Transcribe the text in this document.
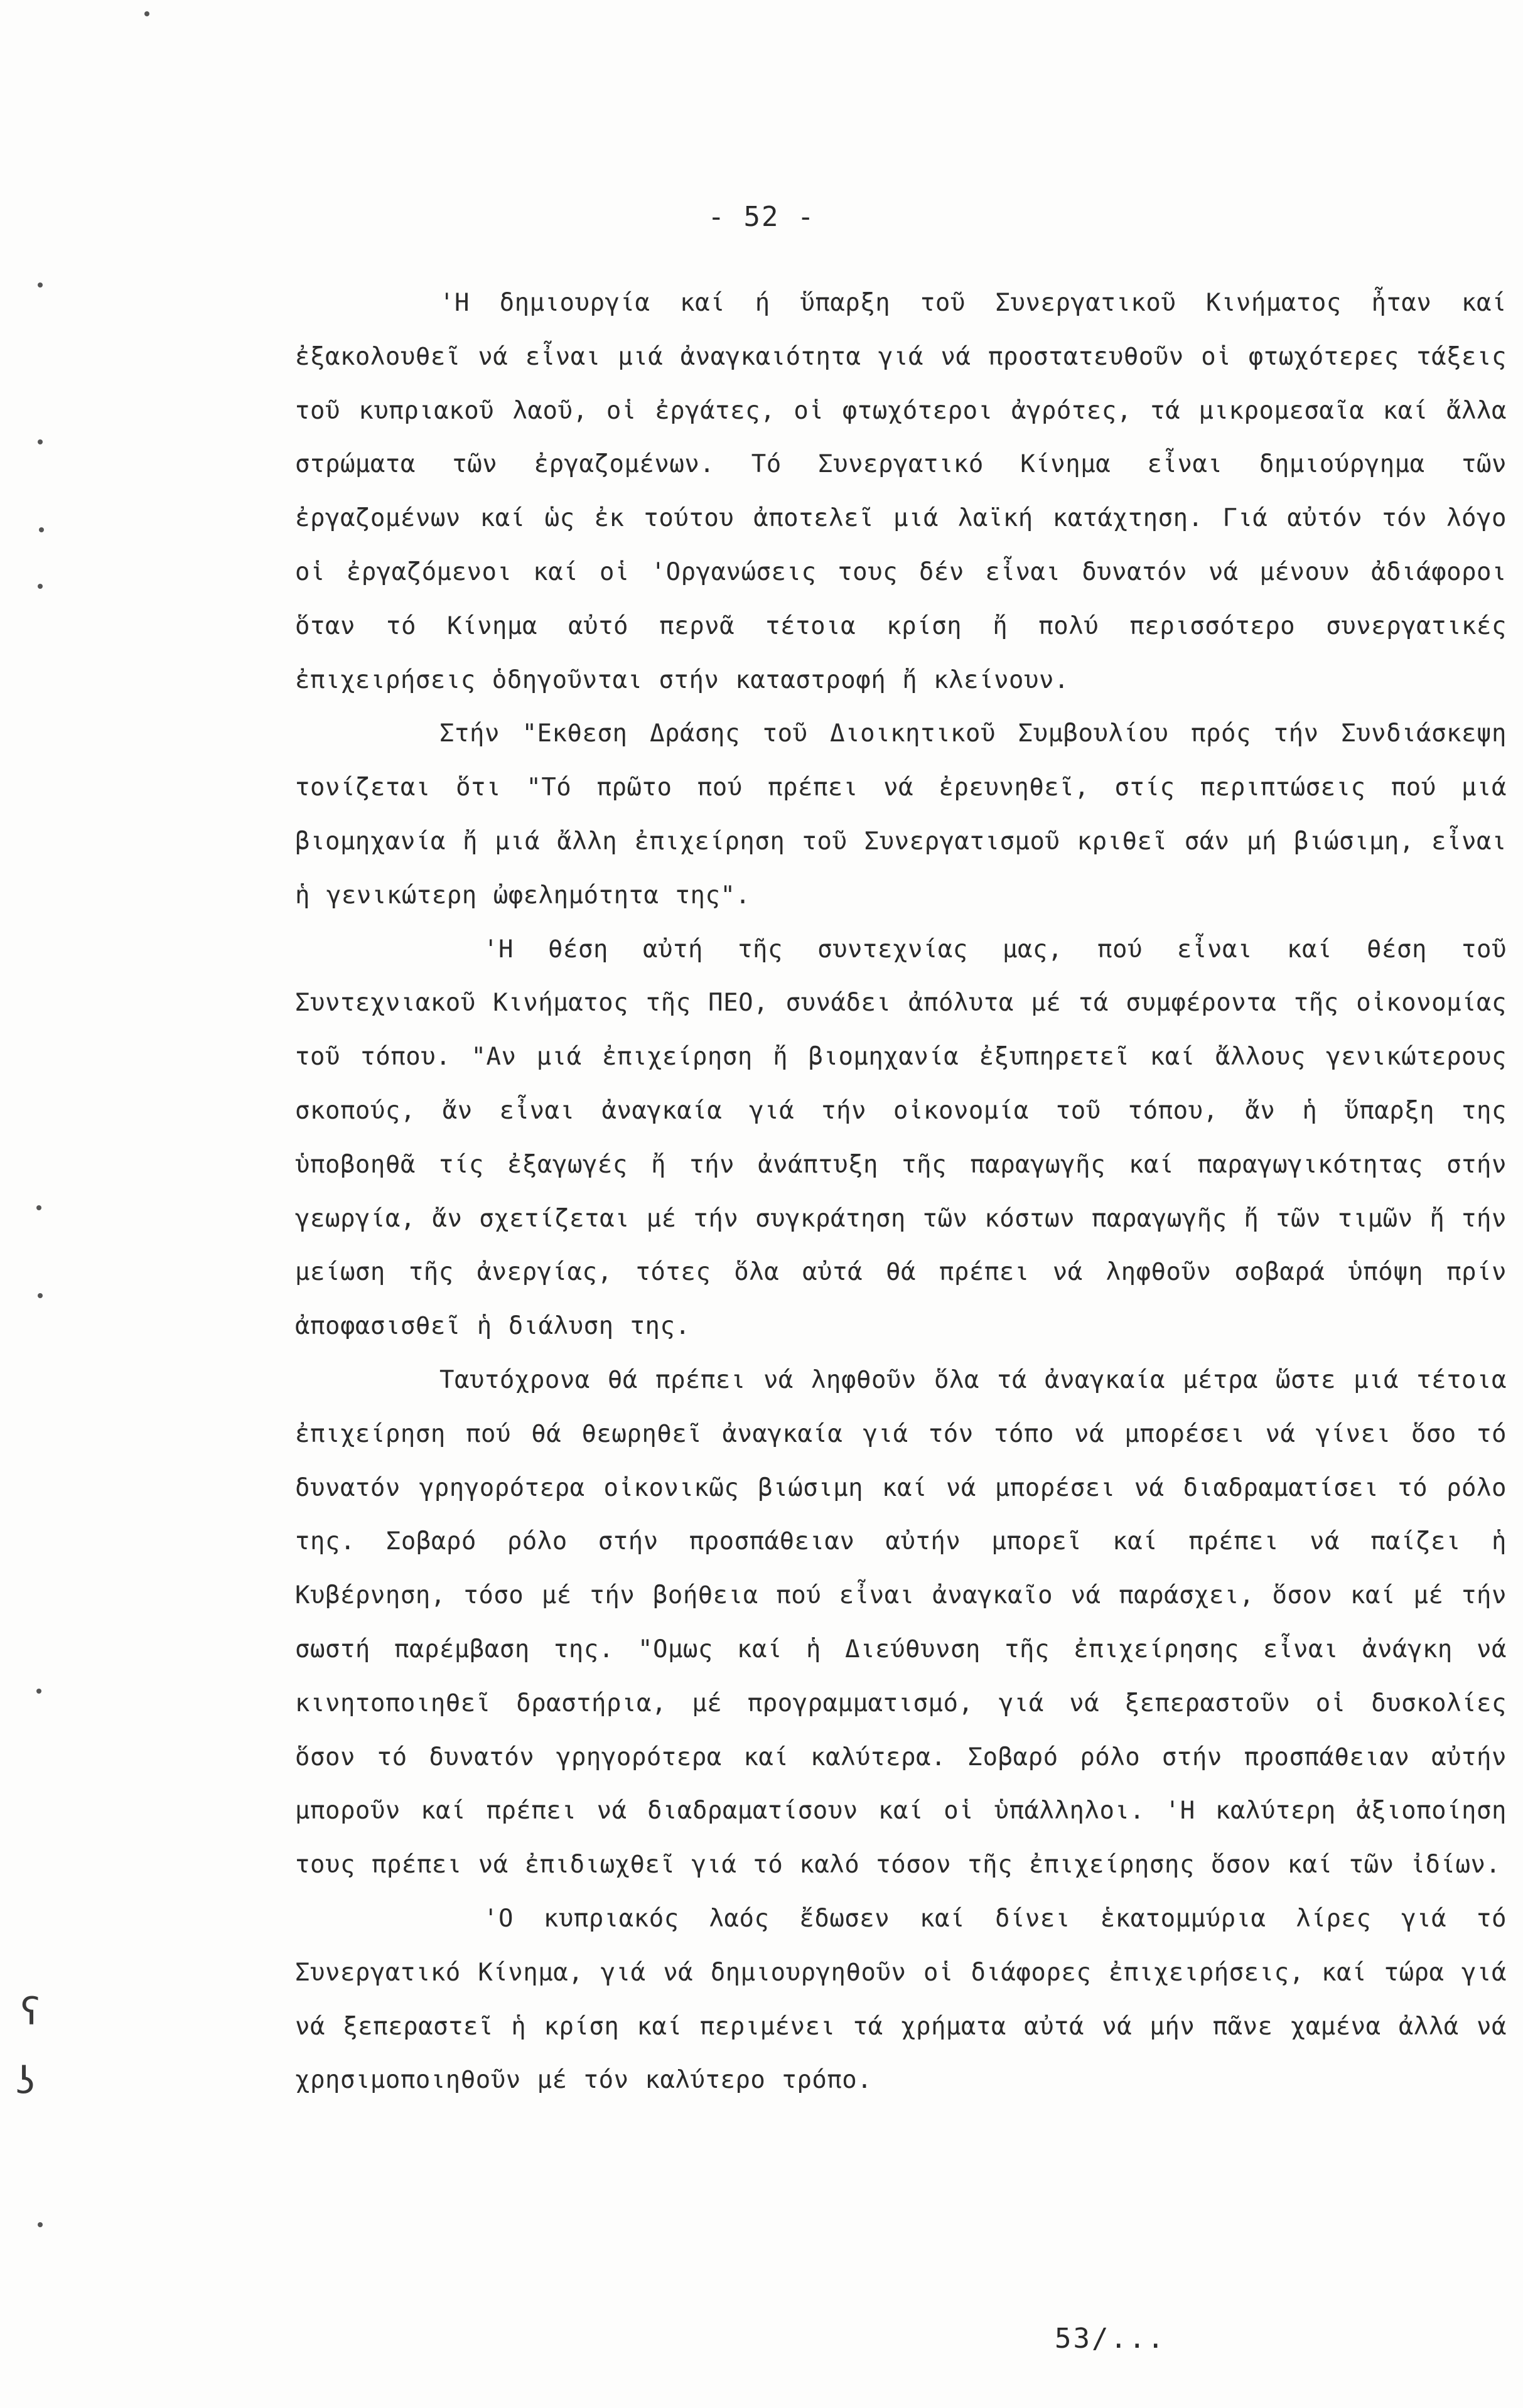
- 52 -

'Η δημιουργία καί ή ὕπαρξη τοῦ Συνεργατικοῦ Κινήματος ἦταν καί ἐξακολουθεῖ νά εἶναι μιά ἀναγκαιότητα γιά νά προστατευθοῦν οἱ φτωχότερες τάξεις τοῦ κυπριακοῦ λαοῦ, οἱ ἐργάτες, οἱ φτωχότεροι ἀγρότες, τά μικρομεσαῖα καί ἄλλα στρώματα τῶν ἐργαζομένων. Τό Συνεργατικό Κίνημα εἶναι δημιούργημα τῶν ἐργαζομένων καί ὡς ἐκ τούτου ἀποτελεῖ μιά λαϊκή κατάχτηση. Γιά αὐτόν τόν λόγο οἱ ἐργαζόμενοι καί οἱ 'Οργανώσεις τους δέν εἶναι δυνατόν νά μένουν ἀδιάφοροι ὅταν τό Κίνημα αὐτό περνᾶ τέτοια κρίση ἤ πολύ περισσότερο συνεργατικές ἐπιχειρήσεις ὁδηγοῦνται στήν καταστροφή ἤ κλείνουν.

Στήν "Εκθεση Δράσης τοῦ Διοικητικοῦ Συμβουλίου πρός τήν Συνδιάσκεψη τονίζεται ὅτι "Τό πρῶτο πού πρέπει νά ἐρευνηθεῖ, στίς περιπτώσεις πού μιά βιομηχανία ἤ μιά ἄλλη ἐπιχείρηση τοῦ Συνεργατισμοῦ κριθεῖ σάν μή βιώσιμη, εἶναι ἡ γενικώτερη ὠφελημότητα της".

'Η θέση αὐτή τῆς συντεχνίας μας, πού εἶναι καί θέση τοῦ Συντεχνιακοῦ Κινήματος τῆς ΠΕΟ, συνάδει ἀπόλυτα μέ τά συμφέροντα τῆς οἰκονομίας τοῦ τόπου. "Αν μιά ἐπιχείρηση ἤ βιομηχανία ἐξυπηρετεῖ καί ἄλλους γενικώτερους σκοπούς, ἄν εἶναι ἀναγκαία γιά τήν οἰκονομία τοῦ τόπου, ἄν ἡ ὕπαρξη της ὑποβοηθᾶ τίς ἐξαγωγές ἤ τήν ἀνάπτυξη τῆς παραγωγῆς καί παραγωγικότητας στήν γεωργία, ἄν σχετίζεται μέ τήν συγκράτηση τῶν κόστων παραγωγῆς ἤ τῶν τιμῶν ἤ τήν μείωση τῆς ἀνεργίας, τότες ὅλα αὐτά θά πρέπει νά ληφθοῦν σοβαρά ὑπόψη πρίν ἀποφασισθεῖ ἡ διάλυση της.

Ταυτόχρονα θά πρέπει νά ληφθοῦν ὅλα τά ἀναγκαία μέτρα ὥστε μιά τέτοια ἐπιχείρηση πού θά θεωρηθεῖ ἀναγκαία γιά τόν τόπο νά μπορέσει νά γίνει ὅσο τό δυνατόν γρηγορότερα οἰκονικῶς βιώσιμη καί νά μπορέσει νά διαδραματίσει τό ρόλο της. Σοβαρό ρόλο στήν προσπάθειαν αὐτήν μπορεῖ καί πρέπει νά παίζει ἡ Κυβέρνηση, τόσο μέ τήν βοήθεια πού εἶναι ἀναγκαῖο νά παράσχει, ὅσον καί μέ τήν σωστή παρέμβαση της. "Ομως καί ἡ Διεύθυνση τῆς ἐπιχείρησης εἶναι ἀνάγκη νά κινητοποιηθεῖ δραστήρια, μέ προγραμματισμό, γιά νά ξεπεραστοῦν οἱ δυσκολίες ὅσον τό δυνατόν γρηγορότερα καί καλύτερα. Σοβαρό ρόλο στήν προσπάθειαν αὐτήν μποροῦν καί πρέπει νά διαδραματίσουν καί οἱ ὑπάλληλοι. 'Η καλύτερη ἀξιοποίηση τους πρέπει νά ἐπιδιωχθεῖ γιά τό καλό τόσον τῆς ἐπιχείρησης ὅσον καί τῶν ἰδίων.

'Ο κυπριακός λαός ἔδωσεν καί δίνει ἑκατομμύρια λίρες γιά τό Συνεργατικό Κίνημα, γιά νά δημιουργηθοῦν οἱ διάφορες ἐπιχειρήσεις, καί τώρα γιά νά ξεπεραστεῖ ἡ κρίση καί περιμένει τά χρήματα αὐτά νά μήν πᾶνε χαμένα ἀλλά νά χρησιμοποιηθοῦν μέ τόν καλύτερο τρόπο.

53/...
ʕ
ʖ
